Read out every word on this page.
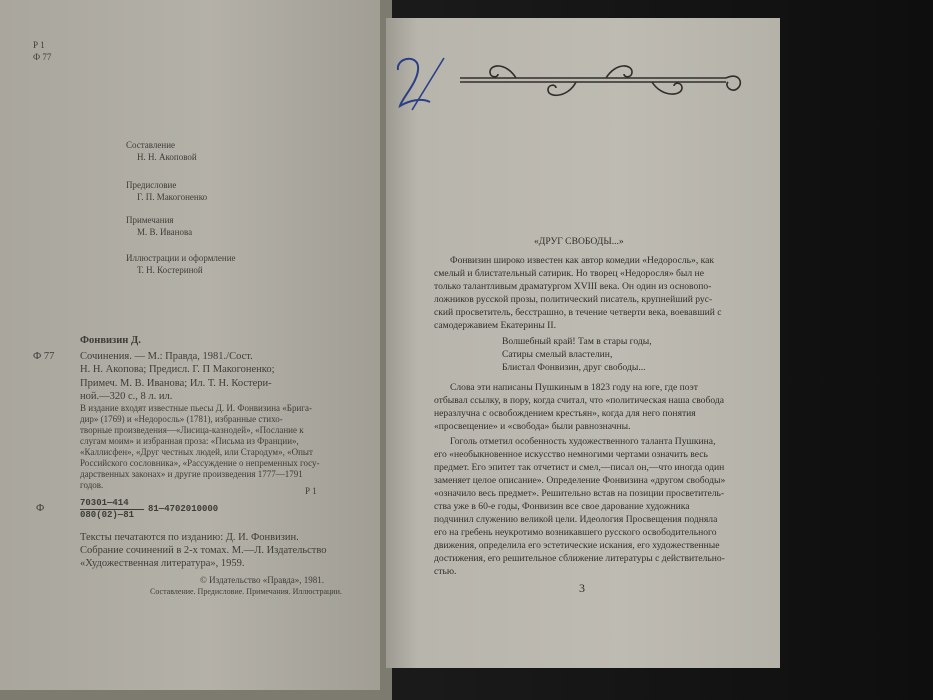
Р 1

Ф 77

Составление

Н. Н. Акоповой

Предисловие

Г. П. Макогоненко

Примечания

М. В. Иванова

Иллюстрации и оформление

Т. Н. Костериной

Ф 77

Фонвизин Д.

Сочинения. — М.: Правда, 1981./Сост.

Н. Н. Акопова; Предисл. Г. П Макогоненко;

Примеч. М. В. Иванова; Ил. Т. Н. Костери-

ной.—320 с., 8 л. ил.

В издание входят известные пьесы Д. И. Фонвизина «Брига-

дир» (1769) и «Недоросль» (1781), избранные стихо-

творные произведения—«Лисица-казнодей», «Послание к

слугам моим» и избранная проза: «Письма из Франции»,

«Каллисфен», «Друг честных людей, или Стародум», «Опыт

Российского сословника», «Рассуждение о непременных госу-

дарственных законах» и другие произведения 1777—1791

годов.

Р 1

Ф	70301—414

080(02)—81

81—4702010000

Тексты печатаются по изданию: Д. И. Фонвизин.

Собрание сочинений в 2-х томах. М.—Л. Издательство

«Художественная литература», 1959.

© Издательство «Правда», 1981.

Составление. Предисловие. Примечания. Иллюстрации.

«ДРУГ СВОБОДЫ...»

Фонвизин широко известен как автор комедии «Недоросль», как

смелый и блистательный сатирик. Но творец «Недоросля» был не

только талантливым драматургом XVIII века. Он один из основопо-

ложников русской прозы, политический писатель, крупнейший рус-

ский просветитель, бесстрашно, в течение четверти века, воевавший с

самодержавием Екатерины II.

Волшебный край! Там в стары годы,

Сатиры смелый властелин,

Блистал Фонвизин, друг свободы...

Слова эти написаны Пушкиным в 1823 году на юге, где поэт

отбывал ссылку, в пору, когда считал, что «политическая наша свобода

неразлучна с освобождением крестьян», когда для него понятия

«просвещение» и «свобода» были равнозначны.

Гоголь отметил особенность художественного таланта Пушкина,

его «необыкновенное искусство немногими чертами означить весь

предмет. Его эпитет так отчетист и смел,—писал он,—что иногда один

заменяет целое описание». Определение Фонвизина «другом свободы»

«означило весь предмет». Решительно встав на позиции просветитель-

ства уже в 60-е годы, Фонвизин все свое дарование художника

подчинил служению великой цели. Идеология Просвещения подняла

его на гребень неукротимо возникавшего русского освободительного

движения, определила его эстетические искания, его художественные

достижения, его решительное сближение литературы с действительно-

стью.

3
